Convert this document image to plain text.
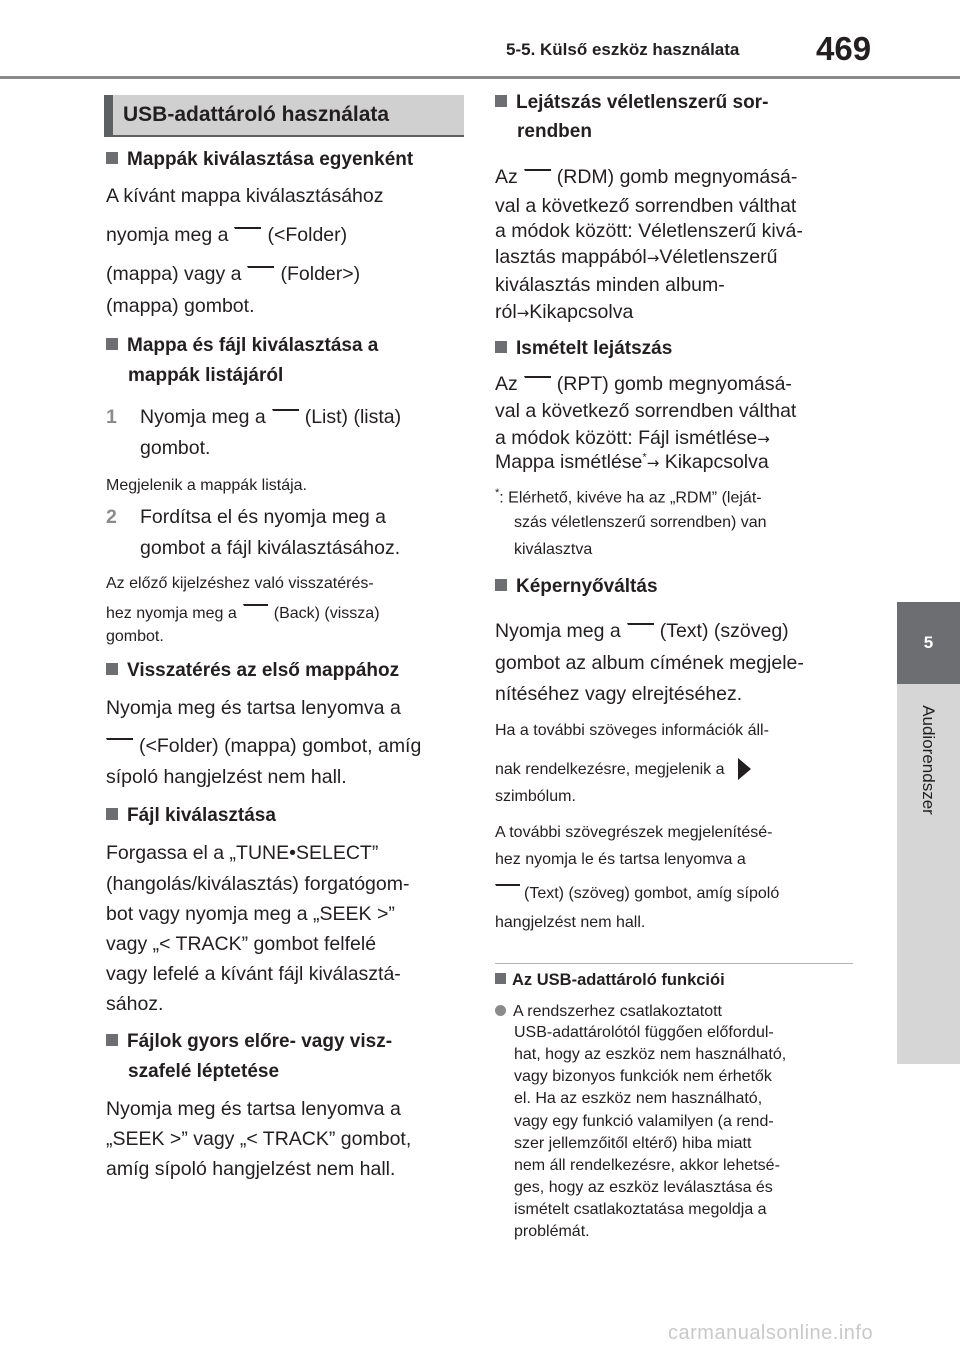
5-5. Külső eszköz használata 469
5
Audiorendszer
USB-adattároló használata
Mappák kiválasztása egyenként
A kívánt mappa kiválasztásához
nyomja meg a (<Folder)
(mappa) vagy a (Folder>)
(mappa) gombot.
Mappa és fájl kiválasztása a
mappák listájáról
1 Nyomja meg a (List) (lista)
gombot.
Megjelenik a mappák listája.
2 Fordítsa el és nyomja meg a
gombot a fájl kiválasztásához.
Az előző kijelzéshez való visszatérés-
hez nyomja meg a (Back) (vissza)
gombot.
Visszatérés az első mappához
Nyomja meg és tartsa lenyomva a
(<Folder) (mappa) gombot, amíg
sípoló hangjelzést nem hall.
Fájl kiválasztása
Forgassa el a „TUNE•SELECT”
(hangolás/kiválasztás) forgatógom-
bot vagy nyomja meg a „SEEK >”
vagy „< TRACK” gombot felfelé
vagy lefelé a kívánt fájl kiválasztá-
sához.
Fájlok gyors előre- vagy visz-
szafelé léptetése
Nyomja meg és tartsa lenyomva a
„SEEK >” vagy „< TRACK” gombot,
amíg sípoló hangjelzést nem hall.
Lejátszás véletlenszerű sor-
rendben
Az (RDM) gomb megnyomásá-
val a következő sorrendben válthat
a módok között: Véletlenszerű kivá-
lasztás mappából→Véletlenszerű
kiválasztás minden album-
ról→Kikapcsolva
Ismételt lejátszás
Az (RPT) gomb megnyomásá-
val a következő sorrendben válthat
a módok között: Fájl ismétlése→
Mappa ismétlése*→ Kikapcsolva
*: Elérhető, kivéve ha az „RDM” (leját-
szás véletlenszerű sorrendben) van
kiválasztva
Képernyőváltás
Nyomja meg a (Text) (szöveg)
gombot az album címének megjele-
nítéséhez vagy elrejtéséhez.
Ha a további szöveges információk áll-
nak rendelkezésre, megjelenik a
szimbólum.
A további szövegrészek megjelenítésé-
hez nyomja le és tartsa lenyomva a
(Text) (szöveg) gombot, amíg sípoló
hangjelzést nem hall.
Az USB-adattároló funkciói
A rendszerhez csatlakoztatott
USB-adattárolótól függően előfordul-
hat, hogy az eszköz nem használható,
vagy bizonyos funkciók nem érhetők
el. Ha az eszköz nem használható,
vagy egy funkció valamilyen (a rend-
szer jellemzőitől eltérő) hiba miatt
nem áll rendelkezésre, akkor lehetsé-
ges, hogy az eszköz leválasztása és
ismételt csatlakoztatása megoldja a
problémát.
carmanualsonline.info
